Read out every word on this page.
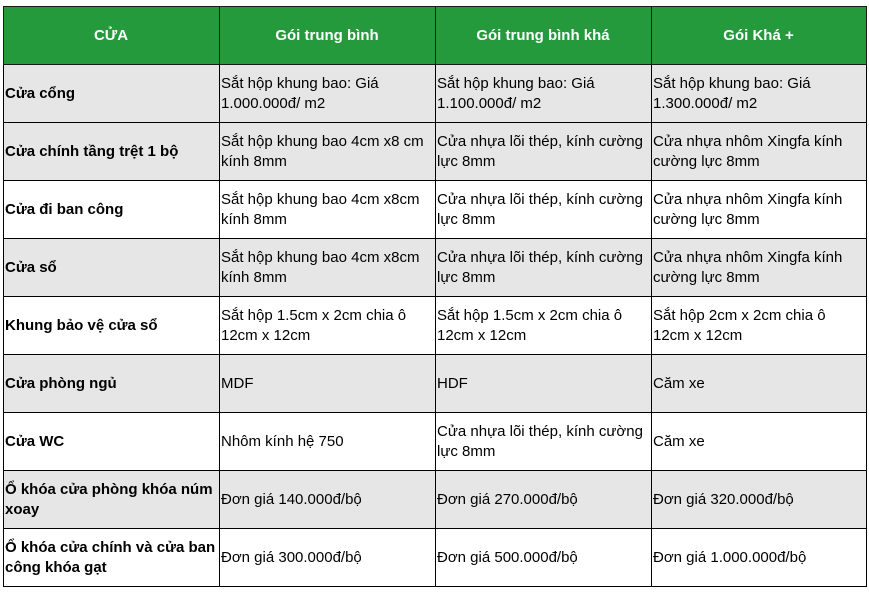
CỬA	Gói trung bình	Gói trung bình khá	Gói Khá +
Cửa cổng	Sắt hộp khung bao: Giá 1.000.000đ/ m2	Sắt hộp khung bao: Giá 1.100.000đ/ m2	Sắt hộp khung bao: Giá 1.300.000đ/ m2
Cửa chính tầng trệt 1 bộ	Sắt hộp khung bao 4cm x8 cm kính 8mm	Cửa nhựa lõi thép, kính cường lực 8mm	Cửa nhựa nhôm Xingfa kính cường lực 8mm
Cửa đi ban công	Sắt hộp khung bao 4cm x8cm kính 8mm	Cửa nhựa lõi thép, kính cường lực 8mm	Cửa nhựa nhôm Xingfa kính cường lực 8mm
Cửa sổ	Sắt hộp khung bao 4cm x8cm kính 8mm	Cửa nhựa lõi thép, kính cường lực 8mm	Cửa nhựa nhôm Xingfa kính cường lực 8mm
Khung bảo vệ cửa sổ	Sắt hộp 1.5cm x 2cm chia ô 12cm x 12cm	Sắt hộp 1.5cm x 2cm chia ô 12cm x 12cm	Sắt hộp 2cm x 2cm chia ô 12cm x 12cm
Cửa phòng ngủ	MDF	HDF	Căm xe
Cửa WC	Nhôm kính hệ 750	Cửa nhựa lõi thép, kính cường lực 8mm	Căm xe
Ổ khóa cửa phòng khóa núm xoay	Đơn giá 140.000đ/bộ	Đơn giá 270.000đ/bộ	Đơn giá 320.000đ/bộ
Ổ khóa cửa chính và cửa ban công khóa gạt	Đơn giá 300.000đ/bộ	Đơn giá 500.000đ/bộ	Đơn giá 1.000.000đ/bộ
